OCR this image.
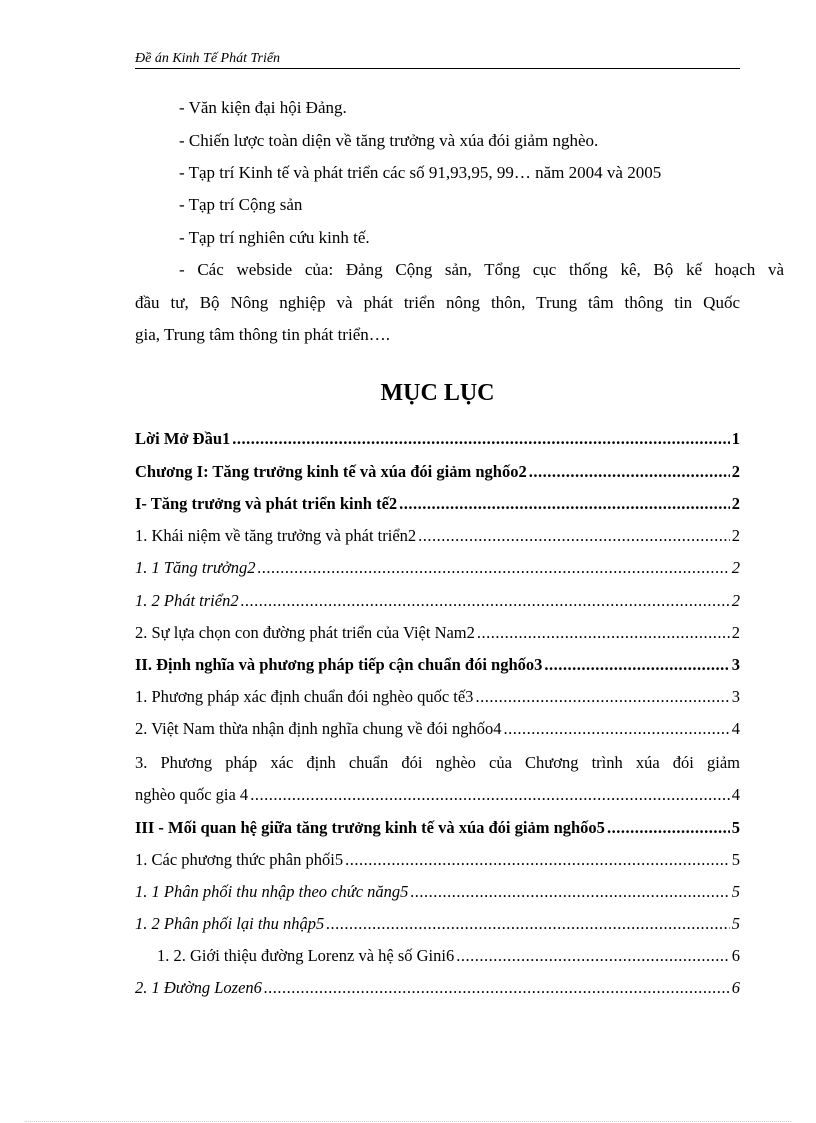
Đề án Kinh Tế Phát Triển
- Văn kiện đại hội Đảng.
- Chiến lược toàn diện về tăng trưởng và xúa đói giảm nghèo.
- Tạp trí Kinh tế và phát triển các số 91,93,95, 99… năm 2004 và 2005
- Tạp trí Cộng sản
- Tạp trí nghiên cứu kinh tế.
- Các webside của: Đảng Cộng sản, Tổng cục thống kê, Bộ kế hoạch và
đầu tư, Bộ Nông nghiệp và phát triển nông thôn, Trung tâm thông tin Quốc
gia, Trung tâm thông tin phát triển….
MỤC LỤC
Lời Mở Đầu1 .....	1
Chương I: Tăng trưởng kinh tế và xúa đói giảm nghốo2 .....	2
I- Tăng trưởng và phát triển kinh tế2 .....	2
1. Khái niệm về tăng trưởng và phát triển2 .....	2
1. 1 Tăng trưởng2 .....	2
1. 2 Phát triển2 .....	2
2. Sự lựa chọn con đường phát triển của Việt Nam2 .....	2
II. Định nghĩa và phương pháp tiếp cận chuẩn đói nghốo3 .....	3
1. Phương pháp xác định chuẩn đói nghèo quốc tế3 .....	3
2. Việt Nam thừa nhận định nghĩa chung về đói nghốo4 .....	4
3. Phương pháp xác định chuẩn đói nghèo của Chương trình xúa đói giảm
nghèo quốc gia 4 .....	4
III - Mối quan hệ giữa tăng trưởng kinh tế và xúa đói giảm nghốo5 .....	5
1. Các phương thức phân phối5 .....	5
1. 1 Phân phối thu nhập theo chức năng5 .....	5
1. 2 Phân phối lại thu nhập5 .....	5
1. 2. Giới thiệu đường Lorenz và hệ số Gini6 .....	6
2. 1 Đường Lozen6 .....	6
